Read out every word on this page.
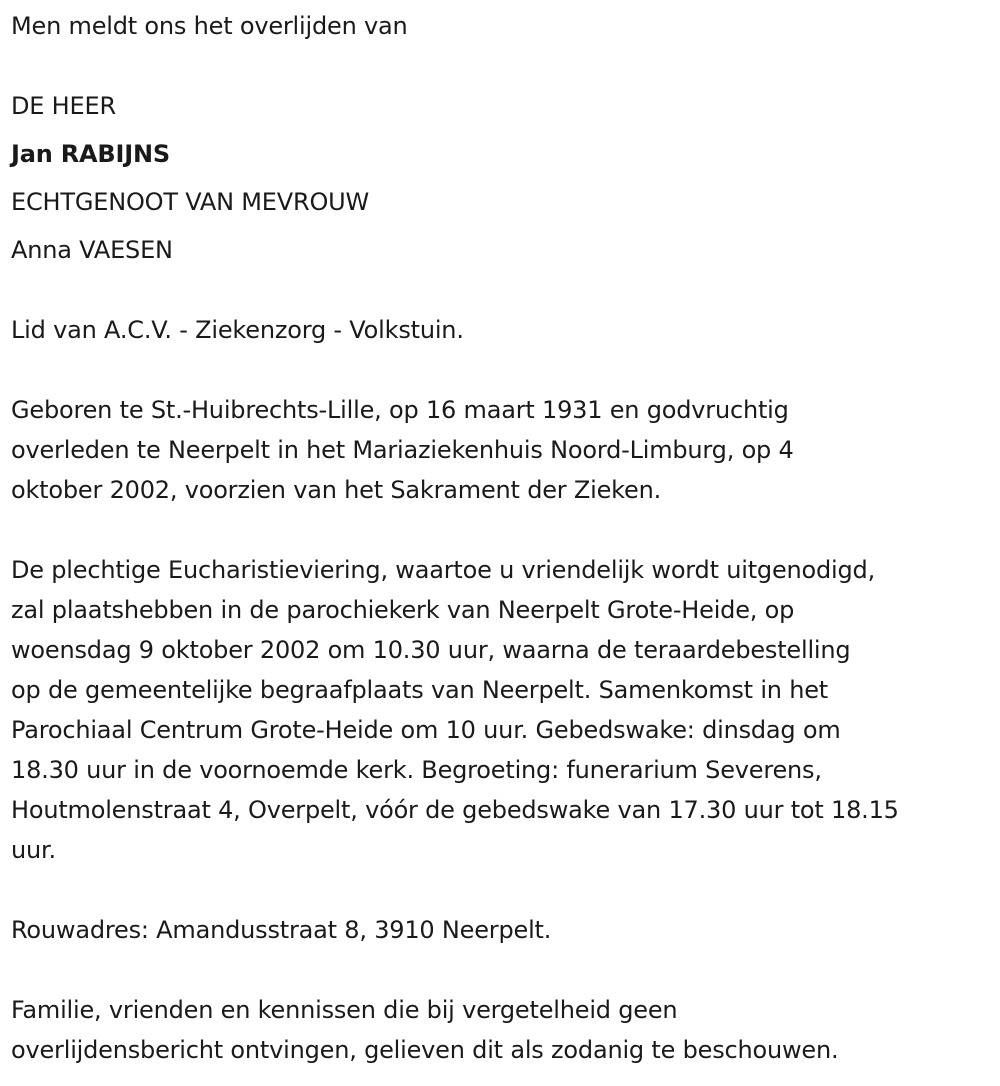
Men meldt ons het overlijden van
DE HEER
Jan RABIJNS
ECHTGENOOT VAN MEVROUW
Anna VAESEN
Lid van A.C.V. - Ziekenzorg - Volkstuin.
Geboren te St.-Huibrechts-Lille, op 16 maart 1931 en godvruchtig
overleden te Neerpelt in het Mariaziekenhuis Noord-Limburg, op 4
oktober 2002, voorzien van het Sakrament der Zieken.
De plechtige Eucharistieviering, waartoe u vriendelijk wordt uitgenodigd,
zal plaatshebben in de parochiekerk van Neerpelt Grote-Heide, op
woensdag 9 oktober 2002 om 10.30 uur, waarna de teraardebestelling
op de gemeentelijke begraafplaats van Neerpelt. Samenkomst in het
Parochiaal Centrum Grote-Heide om 10 uur. Gebedswake: dinsdag om
18.30 uur in de voornoemde kerk. Begroeting: funerarium Severens,
Houtmolenstraat 4, Overpelt, vóór de gebedswake van 17.30 uur tot 18.15
uur.
Rouwadres: Amandusstraat 8, 3910 Neerpelt.
Familie, vrienden en kennissen die bij vergetelheid geen
overlijdensbericht ontvingen, gelieven dit als zodanig te beschouwen.
